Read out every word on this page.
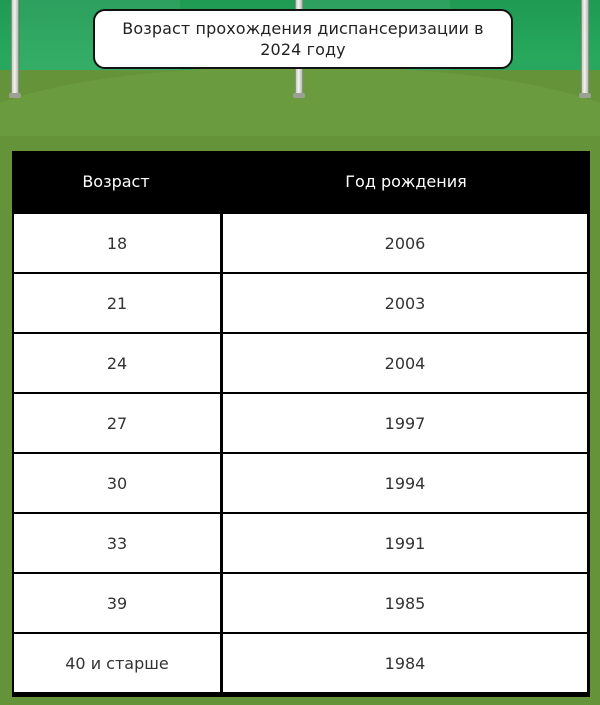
Возраст прохождения диспансеризации в 2024 году
Возраст	Год рождения
18	2006
21	2003
24	2004
27	1997
30	1994
33	1991
39	1985
40 и старше	1984
